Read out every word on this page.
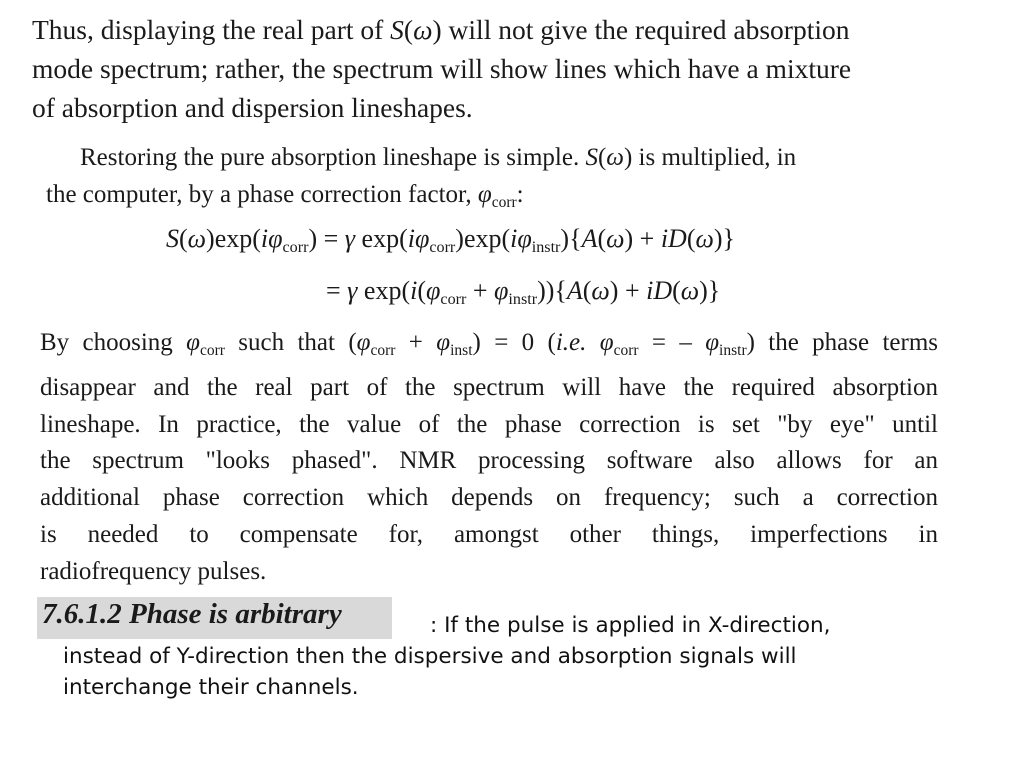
Thus, displaying the real part of S(ω) will not give the required absorption
mode spectrum; rather, the spectrum will show lines which have a mixture
of absorption and dispersion lineshapes.
Restoring the pure absorption lineshape is simple. S(ω) is multiplied, in
the computer, by a phase correction factor, $\varphi_{corr}$:
$S(\omega)\exp(i\varphi_{corr}) = \gamma$ $\exp(i\varphi_{corr})\exp(i\varphi_{instr})\{A(\omega) + iD(\omega)\}$
= γ $\exp(i(\varphi_{corr} + \varphi_{instr}))\{A(\omega) + iD(\omega)\}$
By choosing $\varphi_{corr}$ such that $(\varphi_{corr} + \varphi_{inst}) = 0$ (i.e. $\varphi_{corr}$ = – $\varphi_{instr}$) the phase terms
disappear and the real part of the spectrum will have the required absorption
lineshape. In practice, the value of the phase correction is set "by eye" until
the spectrum "looks phased". NMR processing software also allows for an
additional phase correction which depends on frequency; such a correction
is needed to compensate for, amongst other things, imperfections in
radiofrequency pulses.
7.6.1.2 Phase is arbitrary	: If the pulse is applied in X-direction,
instead of Y-direction then the dispersive and absorption signals will
interchange their channels.
